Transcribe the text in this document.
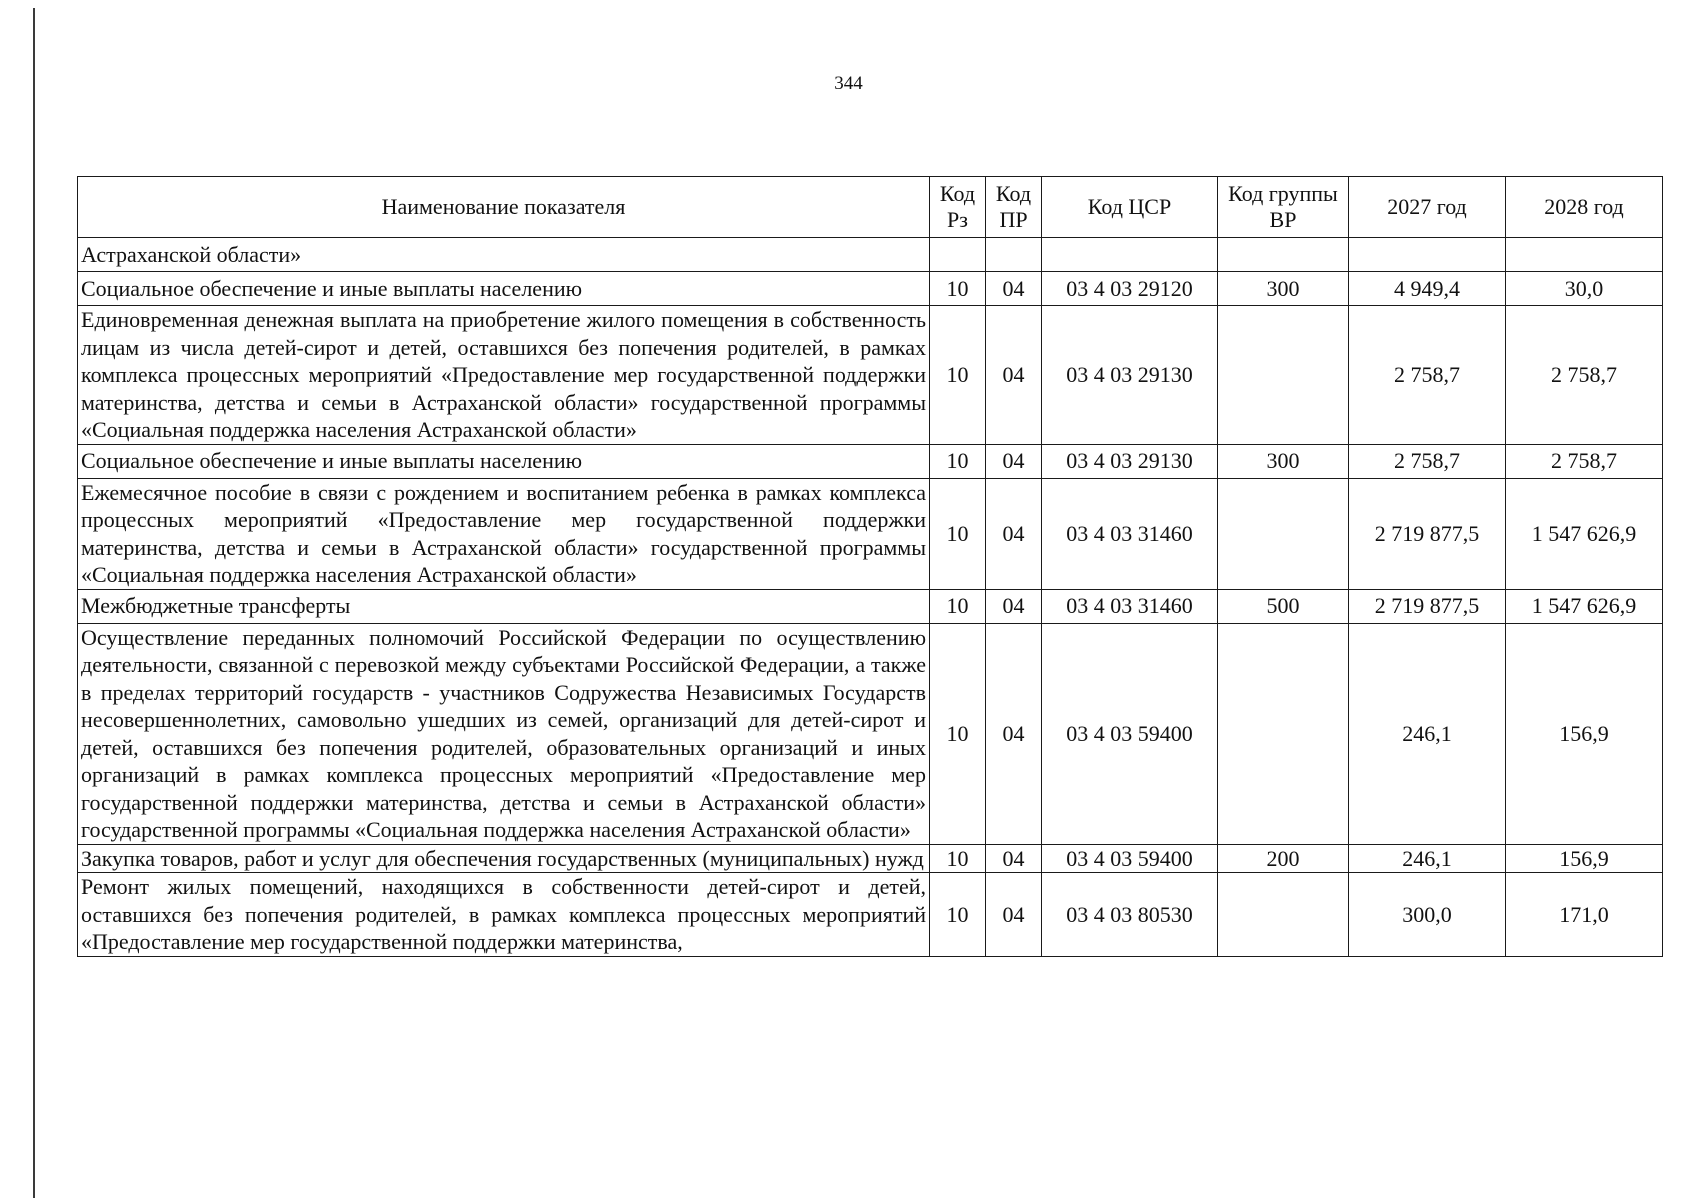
344
Наименование показателя	Код Рз	Код ПР	Код ЦСР	Код группы ВР	2027 год	2028 год
Астраханской области»						
Социальное обеспечение и иные выплаты населению	10	04	03 4 03 29120	300	4 949,4	30,0
Единовременная денежная выплата на приобретение жилого помещения в собственность лицам из числа детей-сирот и детей, оставшихся без попечения родителей, в рамках комплекса процессных мероприятий «Предоставление мер государственной поддержки материнства, детства и семьи в Астраханской области» государственной программы «Социальная поддержка населения Астраханской области»	10	04	03 4 03 29130		2 758,7	2 758,7
Социальное обеспечение и иные выплаты населению	10	04	03 4 03 29130	300	2 758,7	2 758,7
Ежемесячное пособие в связи с рождением и воспитанием ребенка в рамках комплекса процессных мероприятий «Предоставление мер государственной поддержки материнства, детства и семьи в Астраханской области» государственной программы «Социальная поддержка населения Астраханской области»	10	04	03 4 03 31460		2 719 877,5	1 547 626,9
Межбюджетные трансферты	10	04	03 4 03 31460	500	2 719 877,5	1 547 626,9
Осуществление переданных полномочий Российской Федерации по осуществлению деятельности, связанной с перевозкой между субъектами Российской Федерации, а также в пределах территорий государств - участников Содружества Независимых Государств несовершеннолетних, самовольно ушедших из семей, организаций для детей-сирот и детей, оставшихся без попечения родителей, образовательных организаций и иных организаций в рамках комплекса процессных мероприятий «Предоставление мер государственной поддержки материнства, детства и семьи в Астраханской области» государственной программы «Социальная поддержка населения Астраханской области»	10	04	03 4 03 59400		246,1	156,9
Закупка товаров, работ и услуг для обеспечения государственных (муниципальных) нужд	10	04	03 4 03 59400	200	246,1	156,9
Ремонт жилых помещений, находящихся в собственности детей-сирот и детей, оставшихся без попечения родителей, в рамках комплекса процессных мероприятий «Предоставление мер государственной поддержки материнства,	10	04	03 4 03 80530		300,0	171,0
